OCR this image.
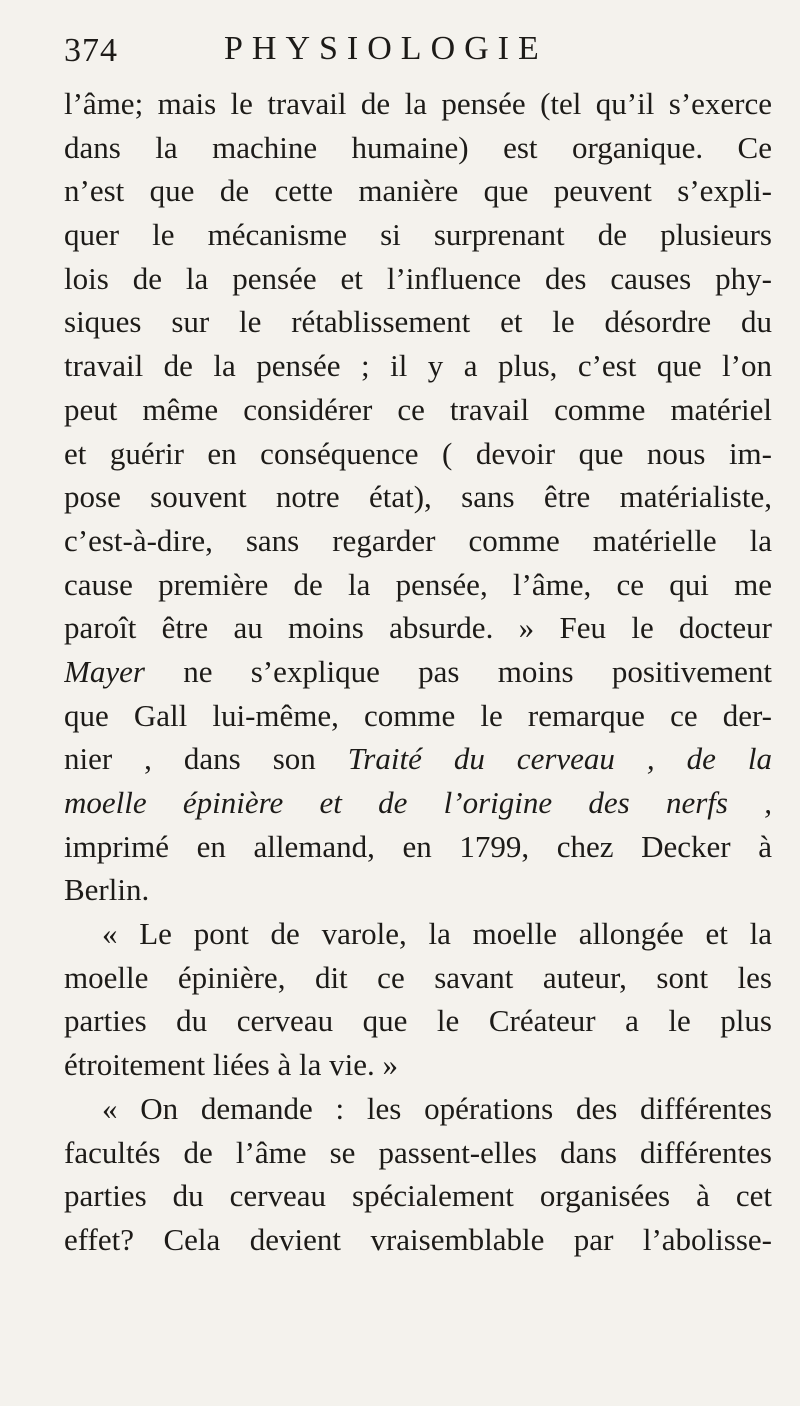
374	PHYSIOLOGIE
l’âme; mais le travail de la pensée (tel qu’il s’exerce
dans la machine humaine) est organique. Ce
n’est que de cette manière que peuvent s’expli-
quer le mécanisme si surprenant de plusieurs
lois de la pensée et l’influence des causes phy-
siques sur le rétablissement et le désordre du
travail de la pensée ; il y a plus, c’est que l’on
peut même considérer ce travail comme matériel
et guérir en conséquence ( devoir que nous im-
pose souvent notre état), sans être matérialiste,
c’est-à-dire, sans regarder comme matérielle la
cause première de la pensée, l’âme, ce qui me
paroît être au moins absurde. » Feu le docteur
Mayer ne s’explique pas moins positivement
que Gall lui-même, comme le remarque ce der-
nier , dans son Traité du cerveau , de la
moelle épinière et de l’origine des nerfs ,
imprimé en allemand, en 1799, chez Decker à
Berlin.
« Le pont de varole, la moelle allongée et la
moelle épinière, dit ce savant auteur, sont les
parties du cerveau que le Créateur a le plus
étroitement liées à la vie. »
« On demande : les opérations des différentes
facultés de l’âme se passent-elles dans différentes
parties du cerveau spécialement organisées à cet
effet? Cela devient vraisemblable par l’abolisse-
